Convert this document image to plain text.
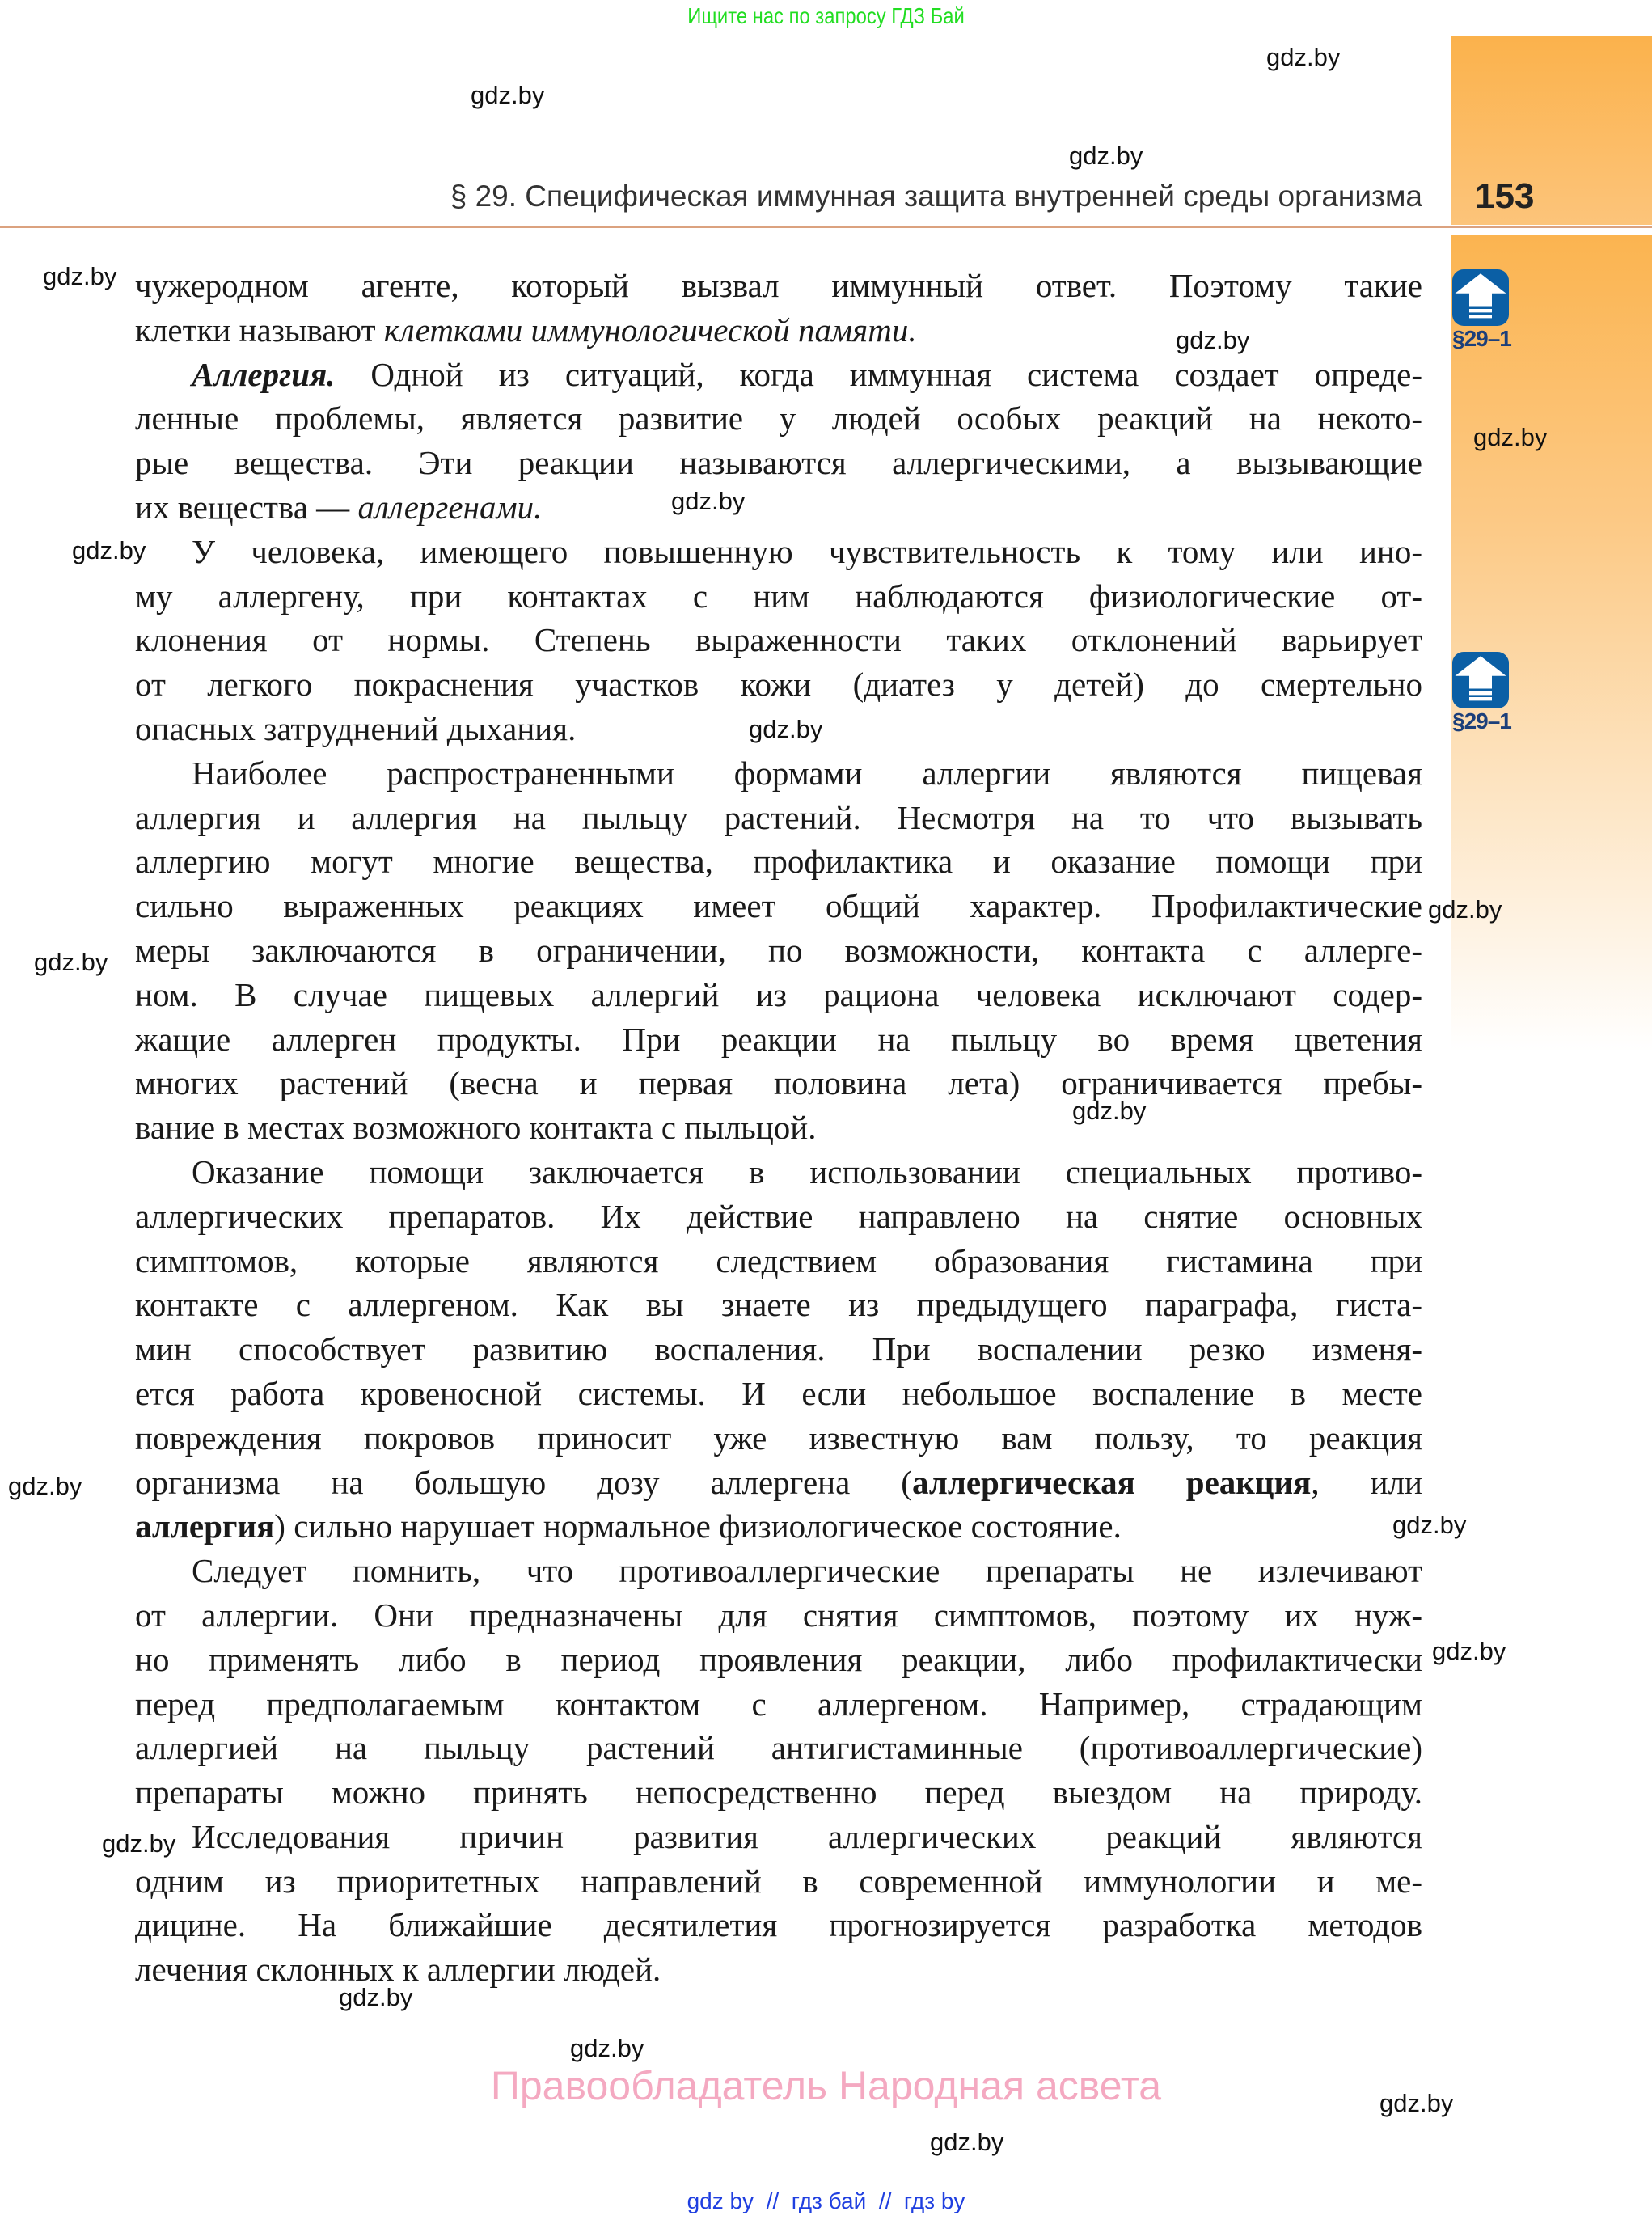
Ищите нас по запросу ГДЗ Бай
§ 29. Специфическая иммунная защита внутренней среды организма 153
§29–1
§29–1
чужеродном агенте, который вызвал иммунный ответ. Поэтому такие
клетки называют клетками иммунологической памяти.
Аллергия. Одной из ситуаций, когда иммунная система создает опреде-
ленные проблемы, является развитие у людей особых реакций на некото-
рые вещества. Эти реакции называются аллергическими, а вызывающие
их вещества — аллергенами.
У человека, имеющего повышенную чувствительность к тому или ино-
му аллергену, при контактах с ним наблюдаются физиологические от-
клонения от нормы. Степень выраженности таких отклонений варьирует
от легкого покраснения участков кожи (диатез у детей) до смертельно
опасных затруднений дыхания.
Наиболее распространенными формами аллергии являются пищевая
аллергия и аллергия на пыльцу растений. Несмотря на то что вызывать
аллергию могут многие вещества, профилактика и оказание помощи при
сильно выраженных реакциях имеет общий характер. Профилактические
меры заключаются в ограничении, по возможности, контакта с аллерге-
ном. В случае пищевых аллергий из рациона человека исключают содер-
жащие аллерген продукты. При реакции на пыльцу во время цветения
многих растений (весна и первая половина лета) ограничивается пребы-
вание в местах возможного контакта с пыльцой.
Оказание помощи заключается в использовании специальных противо-
аллергических препаратов. Их действие направлено на снятие основных
симптомов, которые являются следствием образования гистамина при
контакте с аллергеном. Как вы знаете из предыдущего параграфа, гиста-
мин способствует развитию воспаления. При воспалении резко изменя-
ется работа кровеносной системы. И если небольшое воспаление в месте
повреждения покровов приносит уже известную вам пользу, то реакция
организма на большую дозу аллергена (аллергическая реакция, или
аллергия) сильно нарушает нормальное физиологическое состояние.
Следует помнить, что противоаллергические препараты не излечивают
от аллергии. Они предназначены для снятия симптомов, поэтому их нуж-
но применять либо в период проявления реакции, либо профилактически
перед предполагаемым контактом с аллергеном. Например, страдающим
аллергией на пыльцу растений антигистаминные (противоаллергические)
препараты можно принять непосредственно перед выездом на природу.
Исследования причин развития аллергических реакций являются
одним из приоритетных направлений в современной иммунологии и ме-
дицине. На ближайшие десятилетия прогнозируется разработка методов
лечения склонных к аллергии людей.
gdz.by
gdz.by
gdz.by
gdz.by
gdz.by
gdz.by
gdz.by
gdz.by
gdz.by
gdz.by
gdz.by
gdz.by
gdz.by
gdz.by
gdz.by
gdz.by
gdz.by
gdz.by
gdz.by
gdz.by
Правообладатель Народная асвета
gdz by  //  гдз бай  //  гдз by
